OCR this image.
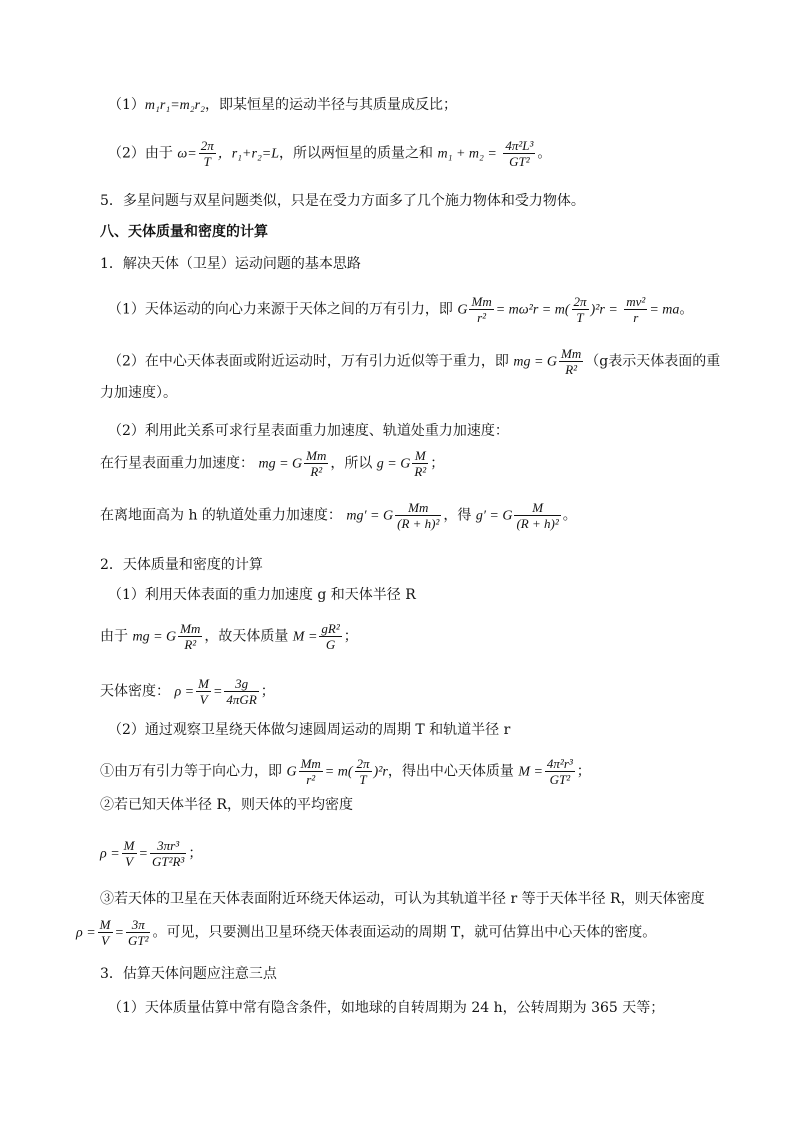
（1）m₁r₁=m₂r₂，即某恒星的运动半径与其质量成反比；
（2）由于 $\omega= \frac{2\pi}{T}$ ，r₁+r₂=L，所以两恒星的质量之和 $m_1 + m_2 = \frac{\text{4π²L³}}{\text{GT²}}$ 。
5．多星问题与双星问题类似，只是在受力方面多了几个施力物体和受力物体。
八、天体质量和密度的计算
1．解决天体（卫星）运动问题的基本思路
（1）天体运动的向心力来源于天体之间的万有引力，即 G $\frac{Mm}{\text{r²}} = m\omega^2r = m( \frac{2\pi}{T} )^2r = \frac{\text{mv²}}{r}$ = ma。
（2）在中心天体表面或附近运动时，万有引力近似等于重力，即 mg = G $\frac{Mm}{\text{R²}} (g$表示天体表面的重
力加速度）。
（2）利用此关系可求行星表面重力加速度、轨道处重力加速度：
在行星表面重力加速度： mg = G $\frac{Mm}{\text{R²}}$ ，所以 g = G $\frac{M}{\text{R²}}$ ；
在离地面高为 h 的轨道处重力加速度： mg′ = G $\frac{Mm}{\text{(R + h)²}}$ ，得 g′ = G $\frac{M}{\text{(R + h)²}}$ 。
2．天体质量和密度的计算
（1）利用天体表面的重力加速度 g 和天体半径 R
由于 mg = G $\frac{Mm}{\text{R²}}$ ，故天体质量 $M = \frac{\text{gR²}}{G}$ ；
天体密度： $\rho = \frac{M}{V} = \frac{3g}{\text{4πGR}}$ ；
（2）通过观察卫星绕天体做匀速圆周运动的周期 T 和轨道半径 r
①由万有引力等于向心力，即 G $\frac{Mm}{\text{r²}} = m( \frac{2\pi}{T} )^2r$，得出中心天体质量 $M = \frac{\text{4π²r³}}{\text{GT²}}$ ；
②若已知天体半径 R，则天体的平均密度
$\rho = \frac{M}{V} = \frac{\text{3πr³}}{\text{GT²R³}}$ ；
③若天体的卫星在天体表面附近环绕天体运动，可认为其轨道半径 r 等于天体半径 R，则天体密度
$\rho = \frac{M}{V} = \frac{3\pi}{\text{GT²}}$ 。可见，只要测出卫星环绕天体表面运动的周期 T，就可估算出中心天体的密度。
3．估算天体问题应注意三点
（1）天体质量估算中常有隐含条件，如地球的自转周期为 24 h，公转周期为 365 天等；
